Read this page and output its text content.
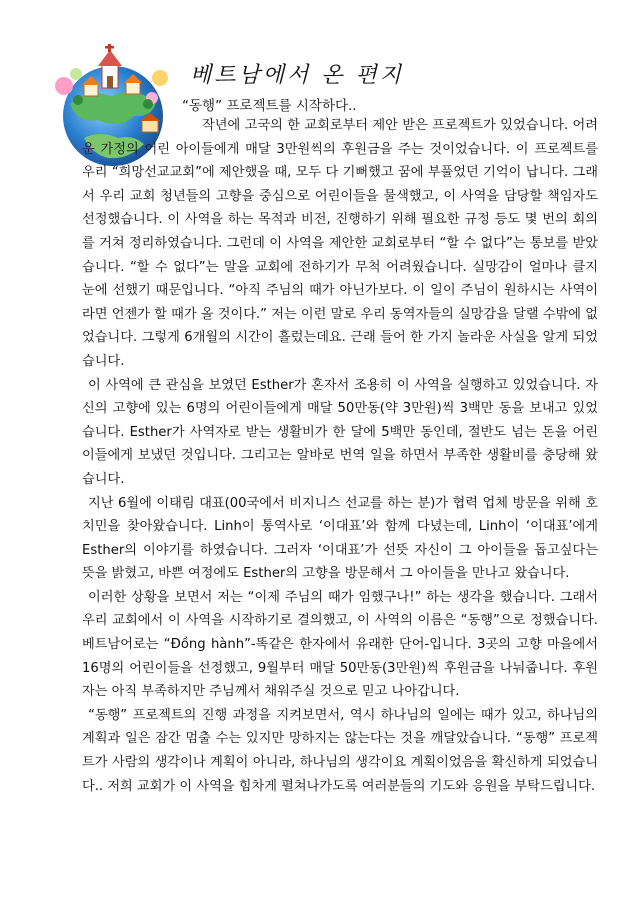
베트남에서 온 편지
“동행” 프로젝트를 시작하다..

작년에 고국의 한 교회로부터 제안 받은 프로젝트가 있었습니다. 어려운 가정의 어린 아이들에게 매달 3만원씩의 후원금을 주는 것이었습니다. 이 프로젝트를 우리 “희망선교교회”에 제안했을 때, 모두 다 기뻐했고 꿈에 부풀었던 기억이 납니다. 그래서 우리 교회 청년들의 고향을 중심으로 어린이들을 물색했고, 이 사역을 담당할 책임자도 선정했습니다. 이 사역을 하는 목적과 비전, 진행하기 위해 필요한 규정 등도 몇 번의 회의를 거쳐 정리하였습니다. 그런데 이 사역을 제안한 교회로부터 “할 수 없다”는 통보를 받았습니다. “할 수 없다”는 말을 교회에 전하기가 무척 어려웠습니다. 실망감이 얼마나 클지 눈에 선했기 때문입니다. “아직 주님의 때가 아닌가보다. 이 일이 주님이 원하시는 사역이라면 언젠가 할 때가 올 것이다.” 저는 이런 말로 우리 동역자들의 실망감을 달랠 수밖에 없었습니다. 그렇게 6개월의 시간이 흘렀는데요. 근래 들어 한 가지 놀라운 사실을 알게 되었습니다.

이 사역에 큰 관심을 보였던 Esther가 혼자서 조용히 이 사역을 실행하고 있었습니다. 자신의 고향에 있는 6명의 어린이들에게 매달 50만동(약 3만원)씩 3백만 동을 보내고 있었습니다. Esther가 사역자로 받는 생활비가 한 달에 5백만 동인데, 절반도 넘는 돈을 어린이들에게 보냈던 것입니다. 그리고는 알바로 번역 일을 하면서 부족한 생활비를 충당해 왔습니다.

지난 6월에 이태림 대표(00국에서 비지니스 선교를 하는 분)가 협력 업체 방문을 위해 호치민을 찾아왔습니다. Linh이 통역사로 ‘이대표’와 함께 다녔는데, Linh이 ‘이대표’에게 Esther의 이야기를 하였습니다. 그러자 ‘이대표’가 선뜻 자신이 그 아이들을 돕고싶다는 뜻을 밝혔고, 바쁜 여정에도 Esther의 고향을 방문해서 그 아이들을 만나고 왔습니다.

이러한 상황을 보면서 저는 “이제 주님의 때가 임했구나!” 하는 생각을 했습니다. 그래서 우리 교회에서 이 사역을 시작하기로 결의했고, 이 사역의 이름은 “동행”으로 정했습니다. 베트남어로는 “Đồng hành”-똑같은 한자에서 유래한 단어-입니다. 3곳의 고향 마을에서 16명의 어린이들을 선정했고, 9월부터 매달 50만동(3만원)씩 후원금을 나눠줍니다. 후원자는 아직 부족하지만 주님께서 채워주실 것으로 믿고 나아갑니다.

“동행” 프로젝트의 진행 과정을 지켜보면서, 역시 하나님의 일에는 때가 있고, 하나님의 계획과 일은 잠간 멈출 수는 있지만 망하지는 않는다는 것을 깨달았습니다. “동행” 프로젝트가 사람의 생각이나 계획이 아니라, 하나님의 생각이요 계획이었음을 확신하게 되었습니다.. 저희 교회가 이 사역을 힘차게 펼쳐나가도록 여러분들의 기도와 응원을 부탁드립니다.
